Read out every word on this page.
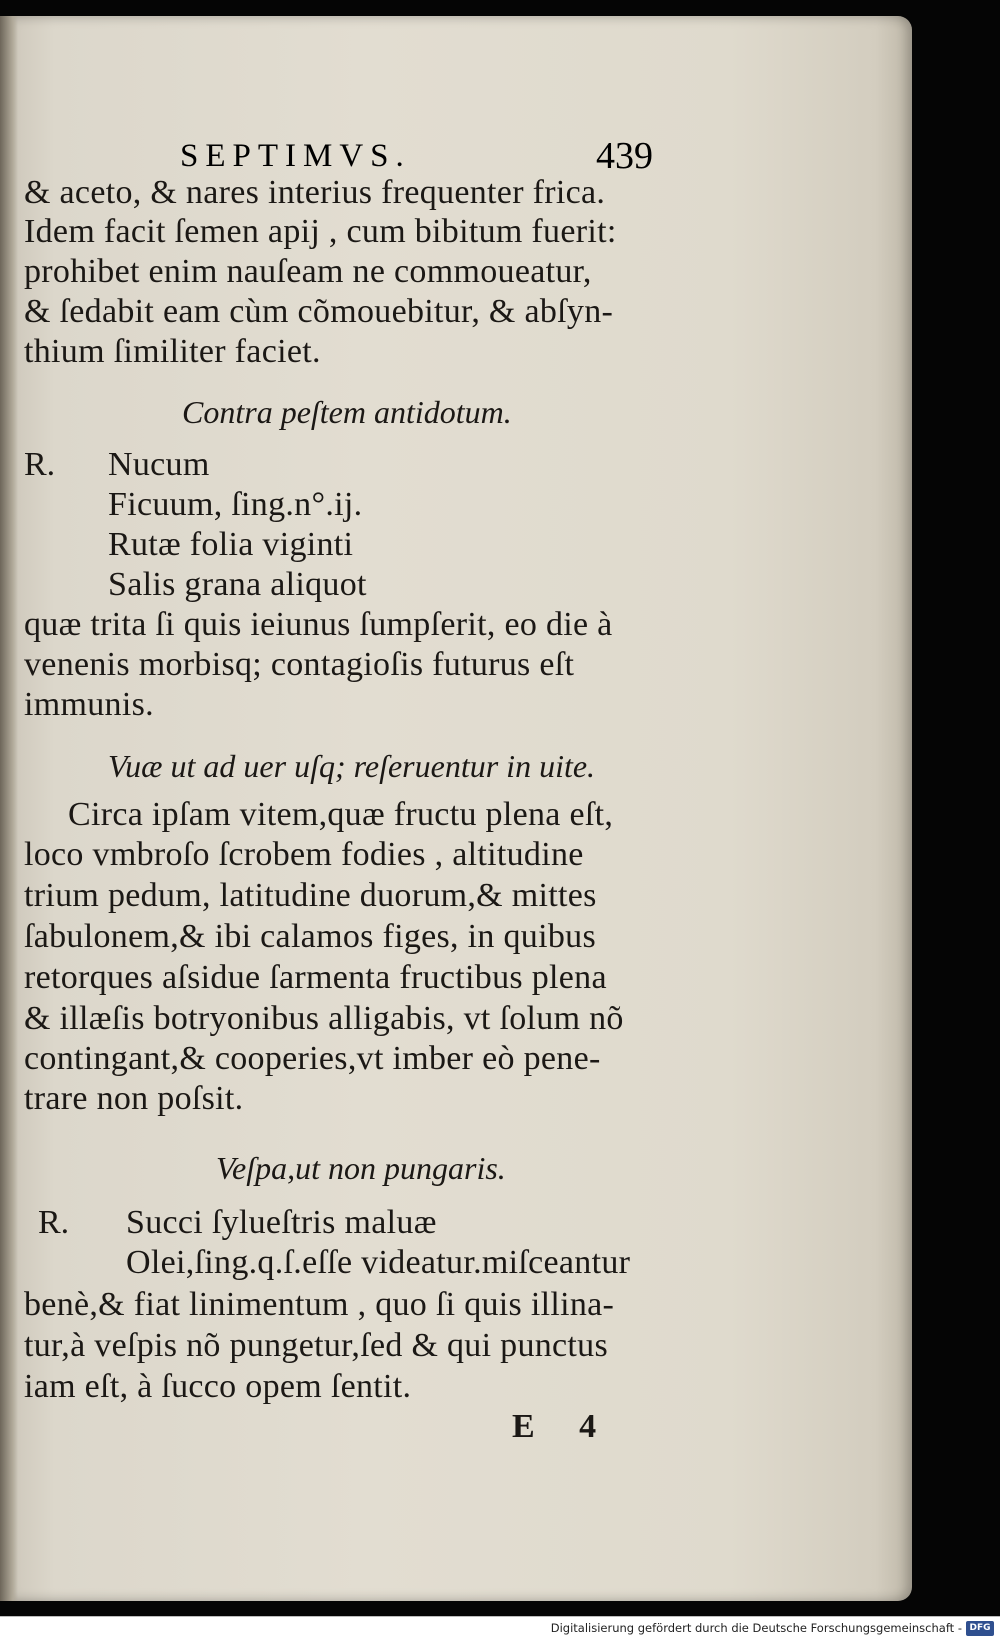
SEPTIMVS.	439
& aceto, & nares interius frequenter frica.
Idem facit ſemen apij , cum bibitum fuerit:
prohibet enim nauſeam ne commoueatur,
& ſedabit eam cùm cõmouebitur, & abſyn-
thium ſimiliter faciet.
Contra peſtem antidotum.
R. Nucum
Ficuum, ſing.n°.ij.
Rutæ folia viginti
Salis grana aliquot
quæ trita ſi quis ieiunus ſumpſerit, eo die à
venenis morbisq; contagioſis futurus eſt
immunis.
Vuæ ut ad uer uſq; reſeruentur in uite.
Circa ipſam vitem,quæ fructu plena eſt,
loco vmbroſo ſcrobem fodies , altitudine
trium pedum, latitudine duorum,& mittes
ſabulonem,& ibi calamos figes, in quibus
retorques aſsidue ſarmenta fructibus plena
& illæſis botryonibus alligabis, vt ſolum nõ
contingant,& cooperies,vt imber eò pene-
trare non poſsit.
Veſpa,ut non pungaris.
R. Succi ſylueſtris maluæ
Olei,ſing.q.ſ.eſſe videatur.miſceantur
benè,& fiat linimentum , quo ſi quis illina-
tur,à veſpis nõ pungetur,ſed & qui punctus
iam eſt, à ſucco opem ſentit.
E 4
Digitalisierung gefördert durch die Deutsche Forschungsgemeinschaft - DFG
